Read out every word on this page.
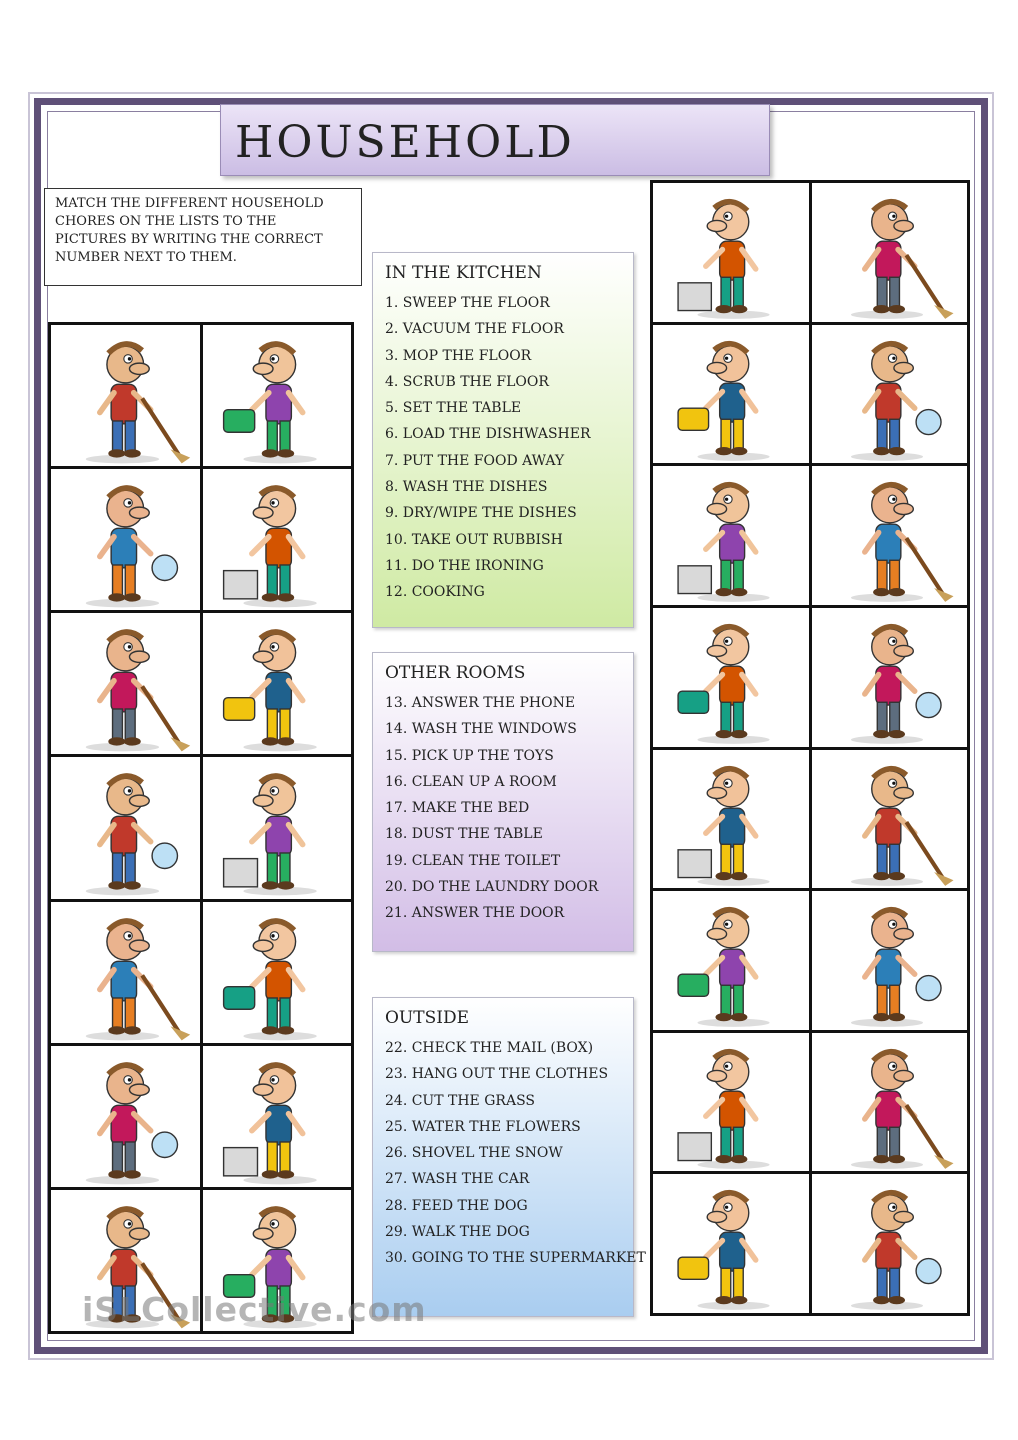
HOUSEHOLD
MATCH THE DIFFERENT HOUSEHOLD CHORES ON THE LISTS TO THE PICTURES BY WRITING THE CORRECT NUMBER NEXT TO THEM.
IN THE KITCHEN
1. SWEEP THE FLOOR
2. VACUUM THE FLOOR
3. MOP THE FLOOR
4. SCRUB THE FLOOR
5. SET THE TABLE
6. LOAD THE DISHWASHER
7. PUT THE FOOD AWAY
8. WASH THE DISHES
9. DRY/WIPE THE DISHES
10. TAKE OUT RUBBISH
11. DO THE IRONING
12. COOKING
OTHER ROOMS
13. ANSWER THE PHONE
14. WASH THE WINDOWS
15. PICK UP THE TOYS
16. CLEAN UP A ROOM
17. MAKE THE BED
18. DUST THE TABLE
19. CLEAN THE TOILET
20. DO THE LAUNDRY DOOR
21. ANSWER THE DOOR
OUTSIDE
22. CHECK THE MAIL (BOX)
23. HANG OUT THE CLOTHES
24. CUT THE GRASS
25. WATER THE FLOWERS
26. SHOVEL THE SNOW
27. WASH THE CAR
28. FEED THE DOG
29. WALK THE DOG
30. GOING TO THE SUPERMARKET
iSLCollective.com
